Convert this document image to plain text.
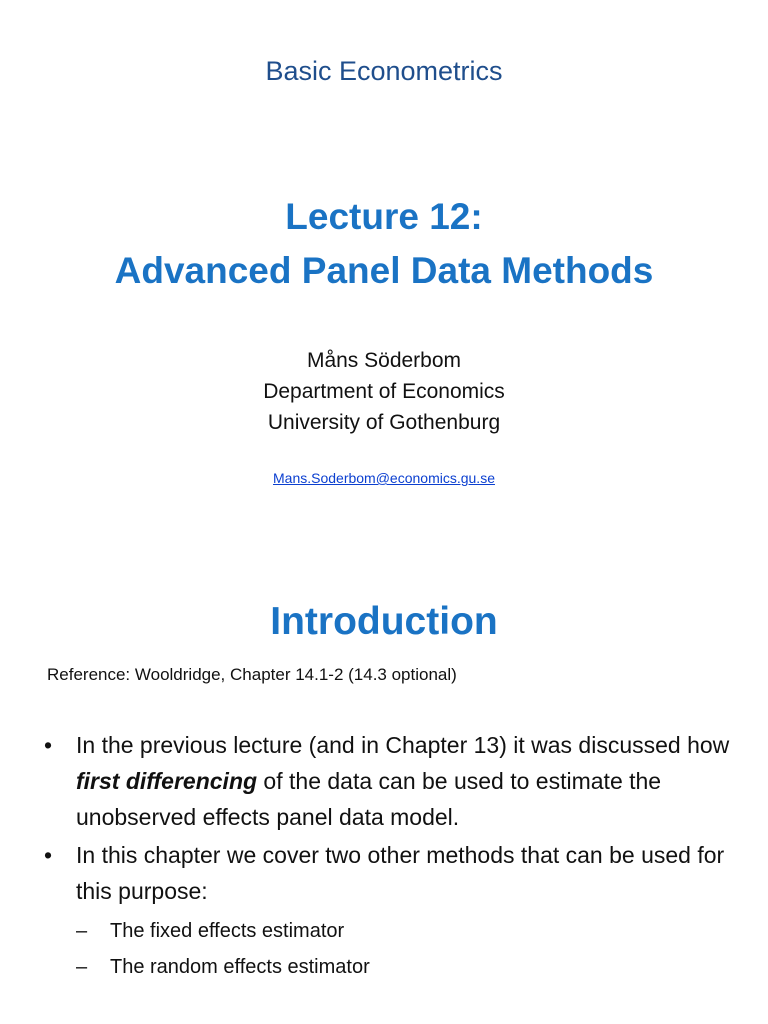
Basic Econometrics
Lecture 12:
Advanced Panel Data Methods
Måns Söderbom
Department of Economics
University of Gothenburg
Mans.Soderbom@economics.gu.se
Introduction
Reference: Wooldridge, Chapter 14.1-2 (14.3 optional)
• In the previous lecture (and in Chapter 13) it was discussed how first differencing of the data can be used to estimate the unobserved effects panel data model.
• In this chapter we cover two other methods that can be used for this purpose:
– The fixed effects estimator
– The random effects estimator
